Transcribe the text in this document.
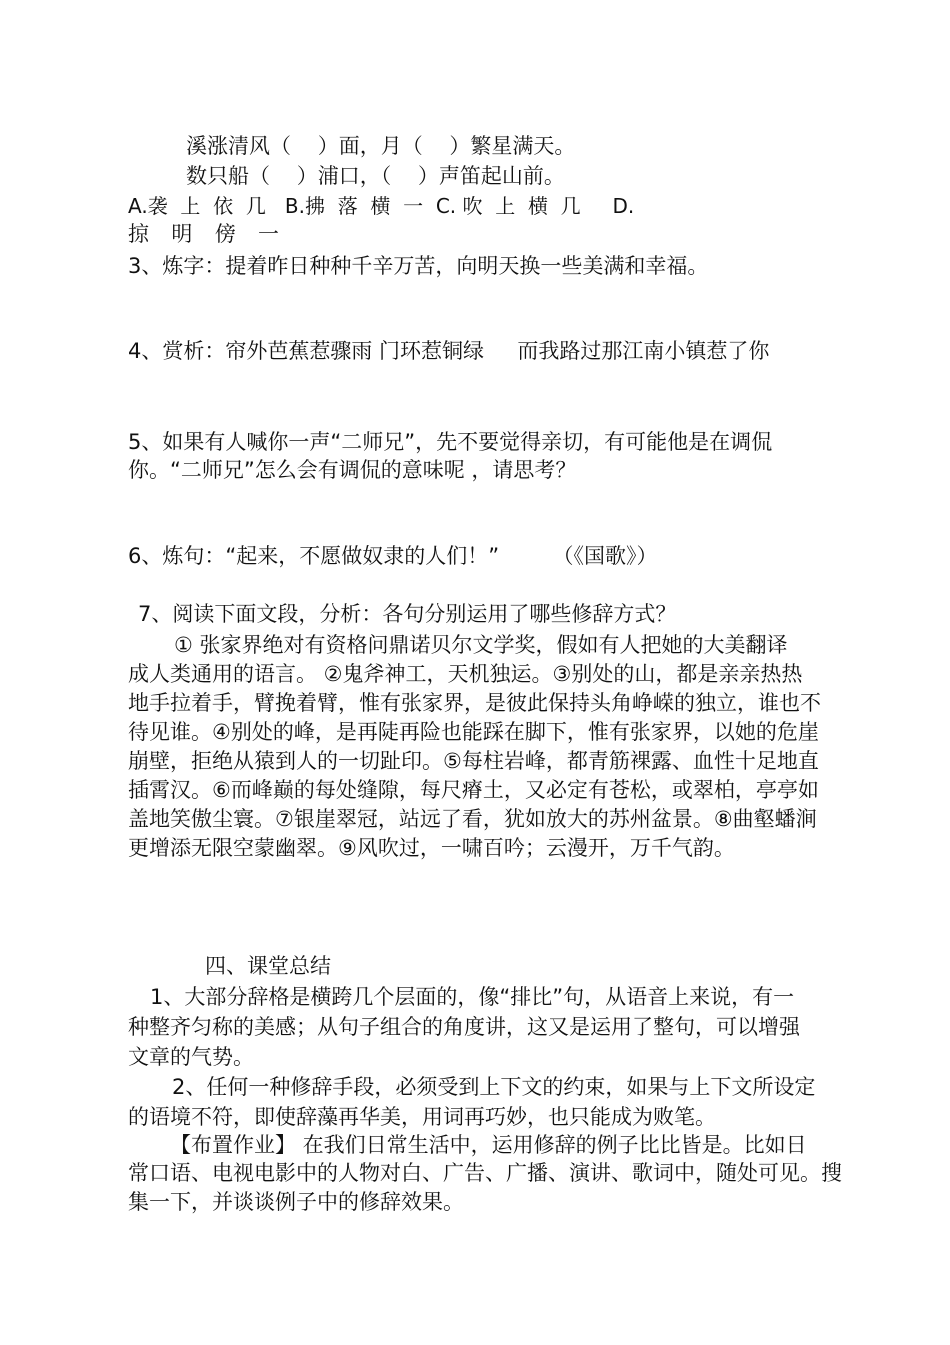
溪涨清风（    ）面，月（    ）繁星满天。
数只船（    ）浦口，（    ）声笛起山前。
A.袭  上  依  几   B.拂  落  横  一  C. 吹  上  横  几     D.
掠  明  傍  一
3、炼字：提着昨日种种千辛万苦，向明天换一些美满和幸福。
4、赏析：帘外芭蕉惹骤雨 门环惹铜绿     而我路过那江南小镇惹了你
5、如果有人喊你一声“二师兄”，先不要觉得亲切，有可能他是在调侃
你。“二师兄”怎么会有调侃的意味呢 ，请思考？
6、炼句：“起来，不愿做奴隶的人们！”        （《国歌》）
7、阅读下面文段，分析：各句分别运用了哪些修辞方式？
① 张家界绝对有资格问鼎诺贝尔文学奖，假如有人把她的大美翻译
成人类通用的语言。 ②鬼斧神工，天机独运。③别处的山，都是亲亲热热
地手拉着手，臂挽着臂，惟有张家界，是彼此保持头角峥嵘的独立，谁也不
待见谁。④别处的峰，是再陡再险也能踩在脚下，惟有张家界，以她的危崖
崩壁，拒绝从猿到人的一切趾印。⑤每柱岩峰，都青筋裸露、血性十足地直
插霄汉。⑥而峰巅的每处缝隙，每尺瘠土，又必定有苍松，或翠柏，亭亭如
盖地笑傲尘寰。⑦银崖翠冠，站远了看，犹如放大的苏州盆景。⑧曲壑蟠涧
更增添无限空蒙幽翠。⑨风吹过，一啸百吟；云漫开，万千气韵。
四、课堂总结
1、大部分辞格是横跨几个层面的，像“排比”句，从语音上来说，有一
种整齐匀称的美感；从句子组合的角度讲，这又是运用了整句，可以增强
文章的气势。
2、任何一种修辞手段，必须受到上下文的约束，如果与上下文所设定
的语境不符，即使辞藻再华美，用词再巧妙，也只能成为败笔。
【布置作业】 在我们日常生活中，运用修辞的例子比比皆是。比如日
常口语、电视电影中的人物对白、广告、广播、演讲、歌词中，随处可见。搜
集一下，并谈谈例子中的修辞效果。
